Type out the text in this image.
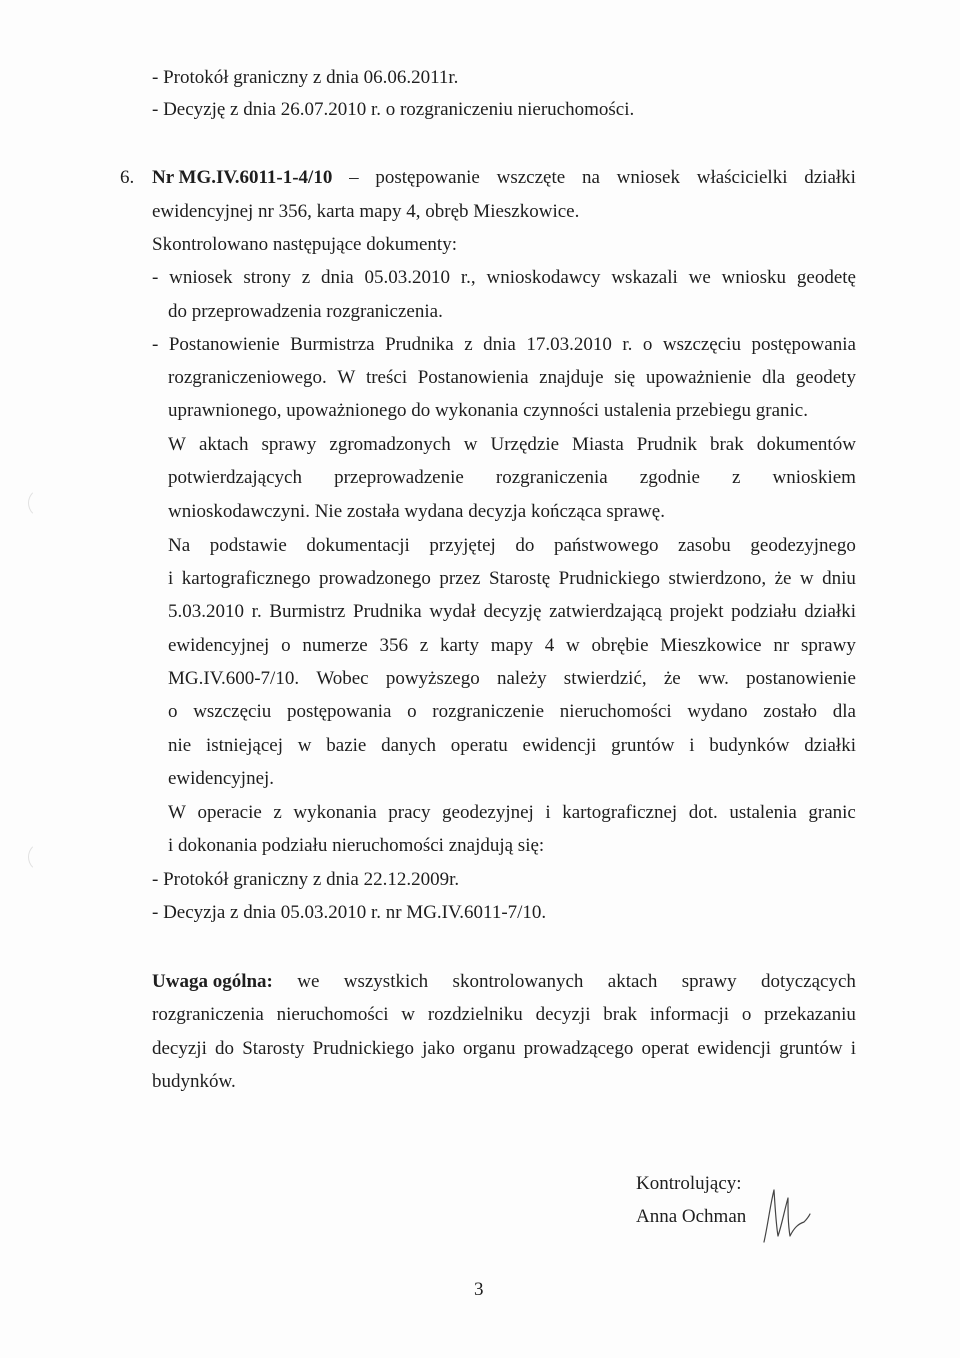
- Protokół graniczny z dnia 06.06.2011r.
- Decyzję z dnia 26.07.2010 r. o rozgraniczeniu nieruchomości.
6. Nr MG.IV.6011-1-4/10 – postępowanie wszczęte na wniosek właścicielki działki
ewidencyjnej nr 356, karta mapy 4, obręb Mieszkowice.
Skontrolowano następujące dokumenty:
- wniosek strony z dnia 05.03.2010 r., wnioskodawcy wskazali we wniosku geodetę
do przeprowadzenia rozgraniczenia.
- Postanowienie Burmistrza Prudnika z dnia 17.03.2010 r. o wszczęciu postępowania
rozgraniczeniowego. W treści Postanowienia znajduje się upoważnienie dla geodety
uprawnionego, upoważnionego do wykonania czynności ustalenia przebiegu granic.
W aktach sprawy zgromadzonych w Urzędzie Miasta Prudnik brak dokumentów
potwierdzających przeprowadzenie rozgraniczenia zgodnie z wnioskiem
wnioskodawczyni. Nie została wydana decyzja kończąca sprawę.
Na podstawie dokumentacji przyjętej do państwowego zasobu geodezyjnego
i kartograficznego prowadzonego przez Starostę Prudnickiego stwierdzono, że w dniu
5.03.2010 r. Burmistrz Prudnika wydał decyzję zatwierdzającą projekt podziału działki
ewidencyjnej o numerze 356 z karty mapy 4 w obrębie Mieszkowice nr sprawy
MG.IV.600-7/10. Wobec powyższego należy stwierdzić, że ww. postanowienie
o wszczęciu postępowania o rozgraniczenie nieruchomości wydano zostało dla
nie istniejącej w bazie danych operatu ewidencji gruntów i budynków działki
ewidencyjnej.
W operacie z wykonania pracy geodezyjnej i kartograficznej dot. ustalenia granic
i dokonania podziału nieruchomości znajdują się:
- Protokół graniczny z dnia 22.12.2009r.
- Decyzja z dnia 05.03.2010 r. nr MG.IV.6011-7/10.
Uwaga ogólna: we wszystkich skontrolowanych aktach sprawy dotyczących
rozgraniczenia nieruchomości w rozdzielniku decyzji brak informacji o przekazaniu
decyzji do Starosty Prudnickiego jako organu prowadzącego operat ewidencji gruntów i
budynków.
Kontrolujący:
Anna Ochman
3
